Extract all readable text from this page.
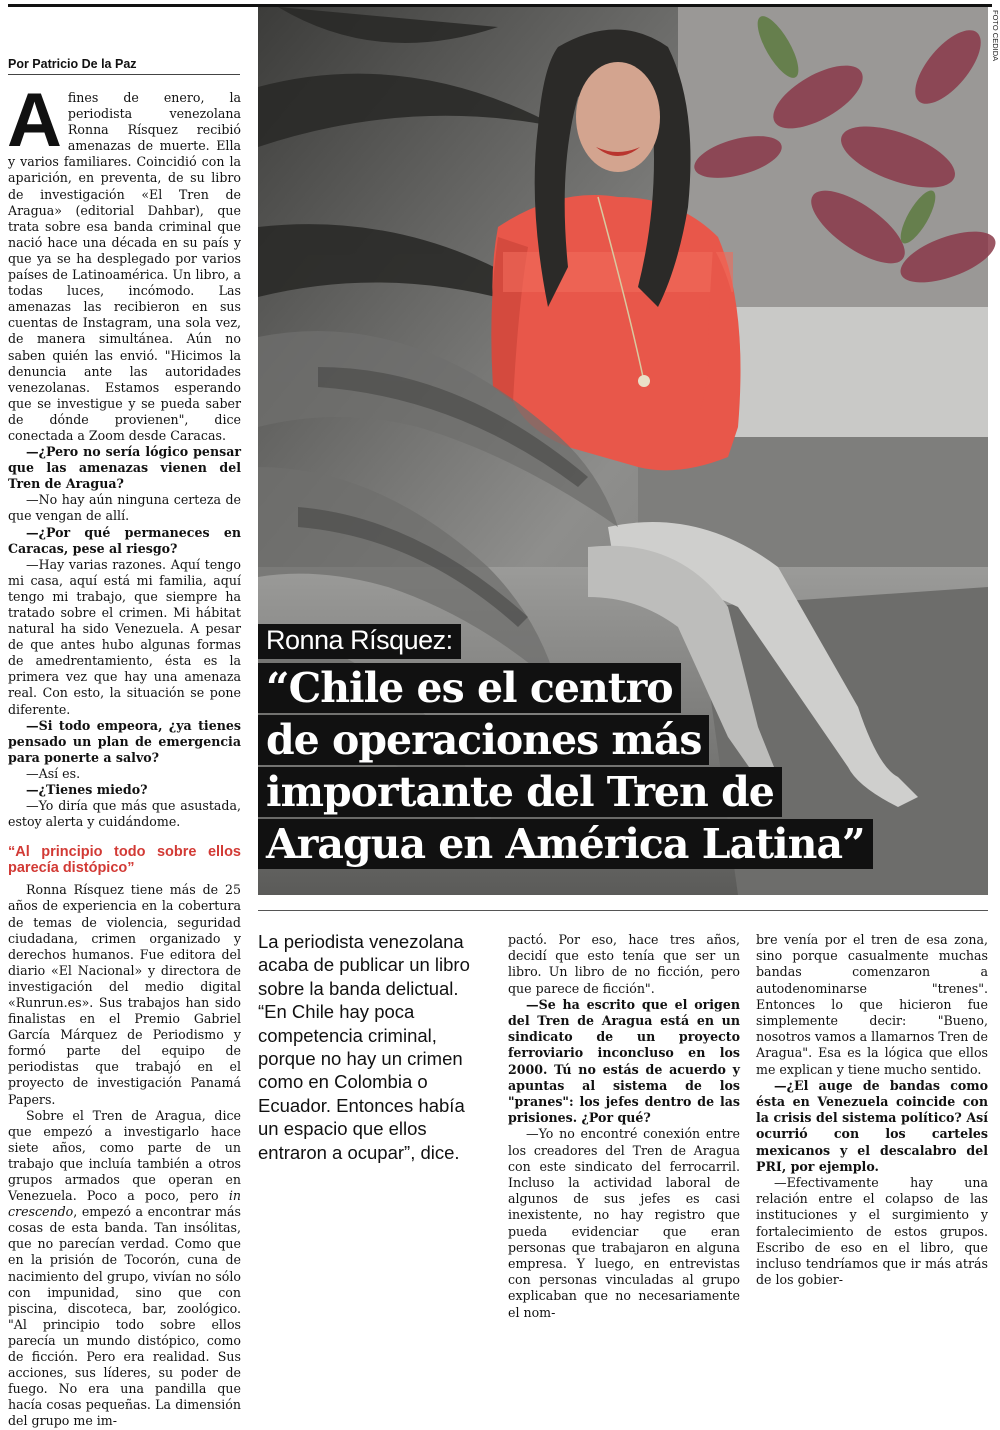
Por Patricio De la Paz

Afines de enero, la periodista venezolana Ronna Rísquez recibió amenazas de muerte. Ella y varios familiares. Coincidió con la aparición, en preventa, de su libro de investigación «El Tren de Aragua» (editorial Dahbar), que trata sobre esa banda criminal que nació hace una década en su país y que ya se ha desplegado por varios países de Latinoamérica. Un libro, a todas luces, incómodo. Las amenazas las recibieron en sus cuentas de Instagram, una sola vez, de manera simultánea. Aún no saben quién las envió. "Hicimos la denuncia ante las autoridades venezolanas. Estamos esperando que se investigue y se pueda saber de dónde provienen", dice conectada a Zoom desde Caracas.

—¿Pero no sería lógico pensar que las amenazas vienen del Tren de Aragua?

—No hay aún ninguna certeza de que vengan de allí.

—¿Por qué permaneces en Caracas, pese al riesgo?

—Hay varias razones. Aquí tengo mi casa, aquí está mi familia, aquí tengo mi trabajo, que siempre ha tratado sobre el crimen. Mi hábitat natural ha sido Venezuela. A pesar de que antes hubo algunas formas de amedrentamiento, ésta es la primera vez que hay una amenaza real. Con esto, la situación se pone diferente.

—Si todo empeora, ¿ya tienes pensado un plan de emergencia para ponerte a salvo?

—Así es.

—¿Tienes miedo?

—Yo diría que más que asustada, estoy alerta y cuidándome.

“Al principio todo sobre ellos parecía distópico”

Ronna Rísquez tiene más de 25 años de experiencia en la cobertura de temas de violencia, seguridad ciudadana, crimen organizado y derechos humanos. Fue editora del diario «El Nacional» y directora de investigación del medio digital «Runrun.es». Sus trabajos han sido finalistas en el Premio Gabriel García Márquez de Periodismo y formó parte del equipo de periodistas que trabajó en el proyecto de investigación Panamá Papers.

Sobre el Tren de Aragua, dice que empezó a investigarlo hace siete años, como parte de un trabajo que incluía también a otros grupos armados que operan en Venezuela. Poco a poco, pero in crescendo, empezó a encontrar más cosas de esta banda. Tan insólitas, que no parecían verdad. Como que en la prisión de Tocorón, cuna de nacimiento del grupo, vivían no sólo con impunidad, sino que con piscina, discoteca, bar, zoológico. "Al principio todo sobre ellos parecía un mundo distópico, como de ficción. Pero era realidad. Sus acciones, sus líderes, su poder de fuego. No era una pandilla que hacía cosas pequeñas. La dimensión del grupo me im-

FOTO CEDIDA
Ronna Rísquez:
“Chile es el centro
de operaciones más
importante del Tren de
Aragua en América Latina”
La periodista venezolana acaba de publicar un libro sobre la banda delictual. “En Chile hay poca competencia criminal, porque no hay un crimen como en Colombia o Ecuador. Entonces había un espacio que ellos entraron a ocupar”, dice.

pactó. Por eso, hace tres años, decidí que esto tenía que ser un libro. Un libro de no ficción, pero que parece de ficción".

—Se ha escrito que el origen del Tren de Aragua está en un sindicato de un proyecto ferroviario inconcluso en los 2000. Tú no estás de acuerdo y apuntas al sistema de los "pranes": los jefes dentro de las prisiones. ¿Por qué?

—Yo no encontré conexión entre los creadores del Tren de Aragua con este sindicato del ferrocarril. Incluso la actividad laboral de algunos de sus jefes es casi inexistente, no hay registro que pueda evidenciar que eran personas que trabajaron en alguna empresa. Y luego, en entrevistas con personas vinculadas al grupo explicaban que no necesariamente el nom-

bre venía por el tren de esa zona, sino porque casualmente muchas bandas comenzaron a autodenominarse "trenes". Entonces lo que hicieron fue simplemente decir: "Bueno, nosotros vamos a llamarnos Tren de Aragua". Esa es la lógica que ellos me explican y tiene mucho sentido.

—¿El auge de bandas como ésta en Venezuela coincide con la crisis del sistema político? Así ocurrió con los carteles mexicanos y el descalabro del PRI, por ejemplo.

—Efectivamente hay una relación entre el colapso de las instituciones y el surgimiento y fortalecimiento de estos grupos. Escribo de eso en el libro, que incluso tendríamos que ir más atrás de los gobier-
